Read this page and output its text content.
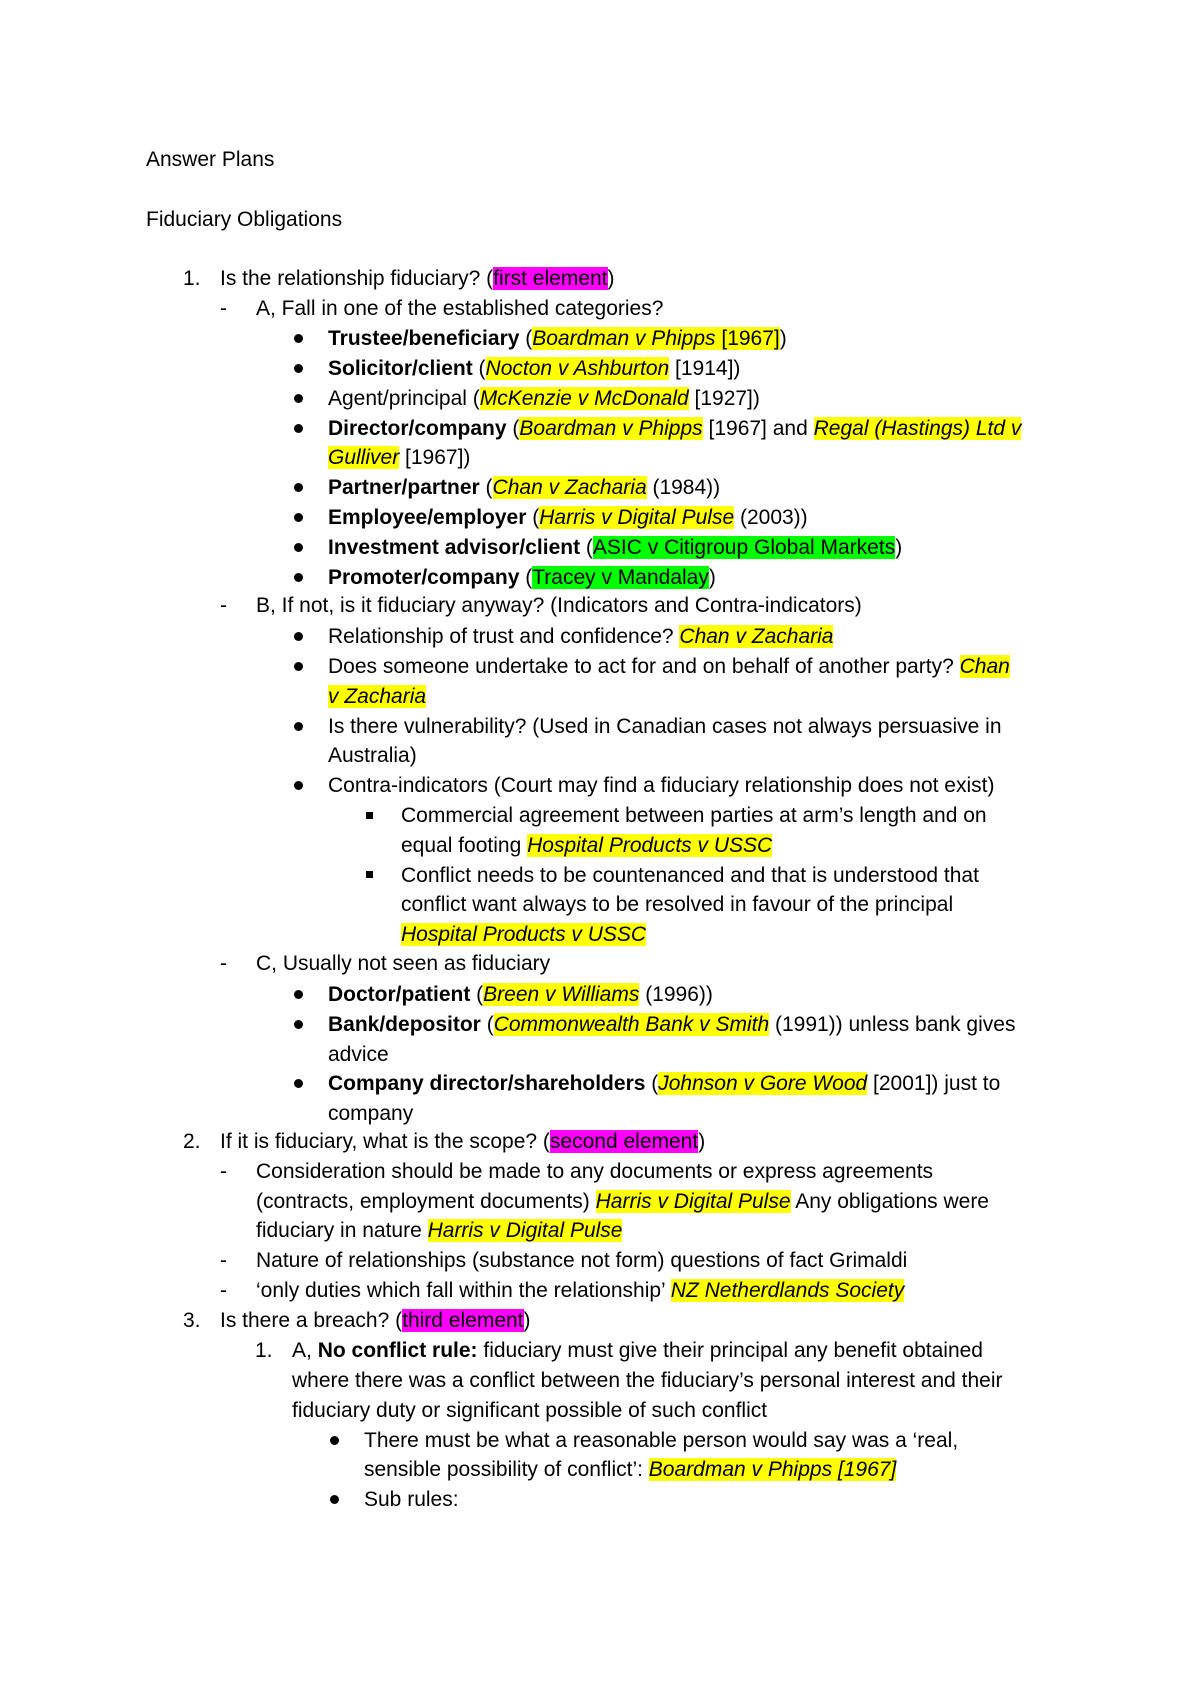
Answer Plans
Fiduciary Obligations
1.
-
-
-
2.
-
-
-
3.
1.
Is the relationship fiduciary? (first element)
A, Fall in one of the established categories?
Trustee/beneficiary (Boardman v Phipps [1967])
Solicitor/client (Nocton v Ashburton [1914])
Agent/principal (McKenzie v McDonald [1927])
Director/company (Boardman v Phipps [1967] and Regal (Hastings) Ltd v
Gulliver [1967])
Partner/partner (Chan v Zacharia (1984))
Employee/employer (Harris v Digital Pulse (2003))
Investment advisor/client (ASIC v Citigroup Global Markets)
Promoter/company (Tracey v Mandalay)
B, If not, is it fiduciary anyway? (Indicators and Contra-indicators)
Relationship of trust and confidence? Chan v Zacharia
Does someone undertake to act for and on behalf of another party? Chan
v Zacharia
Is there vulnerability? (Used in Canadian cases not always persuasive in
Australia)
Contra-indicators (Court may find a fiduciary relationship does not exist)
Commercial agreement between parties at arm’s length and on
equal footing Hospital Products v USSC
Conflict needs to be countenanced and that is understood that
conflict want always to be resolved in favour of the principal
Hospital Products v USSC
C, Usually not seen as fiduciary
Doctor/patient (Breen v Williams (1996))
Bank/depositor (Commonwealth Bank v Smith (1991)) unless bank gives
advice
Company director/shareholders (Johnson v Gore Wood [2001]) just to
company
If it is fiduciary, what is the scope? (second element)
Consideration should be made to any documents or express agreements
(contracts, employment documents) Harris v Digital Pulse Any obligations were
fiduciary in nature Harris v Digital Pulse
Nature of relationships (substance not form) questions of fact Grimaldi
‘only duties which fall within the relationship’ NZ Netherdlands Society
Is there a breach? (third element)
A, No conflict rule: fiduciary must give their principal any benefit obtained
where there was a conflict between the fiduciary’s personal interest and their
fiduciary duty or significant possible of such conflict
There must be what a reasonable person would say was a ‘real,
sensible possibility of conflict’: Boardman v Phipps [1967]
Sub rules:
